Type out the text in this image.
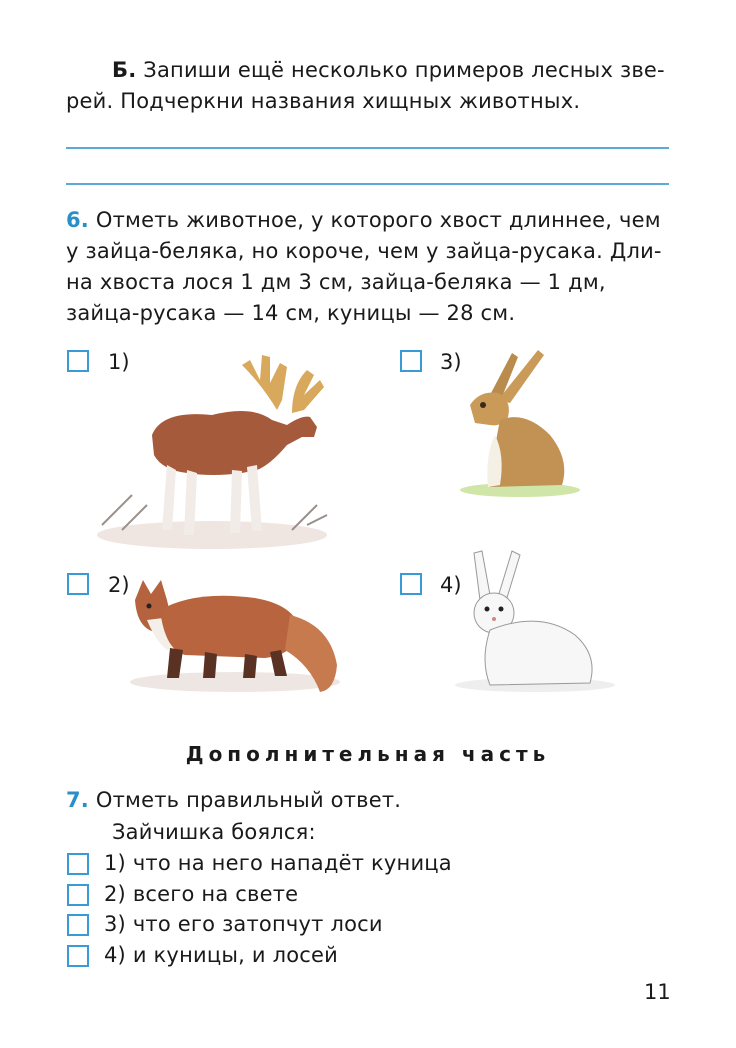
Б. Запиши ещё несколько примеров лесных зве-
рей. Подчеркни названия хищных животных.
6. Отметь животное, у которого хвост длиннее, чем
у зайца-беляка, но короче, чем у зайца-русака. Дли-
на хвоста лося 1 дм 3 см, зайца-беляка — 1 дм,
зайца-русака — 14 см, куницы — 28 см.
1)	3)
2)	4)
Дополнительная часть
7. Отметь правильный ответ.
Зайчишка боялся:
1) что на него нападёт куница
2) всего на свете
3) что его затопчут лоси
4) и куницы, и лосей
11
